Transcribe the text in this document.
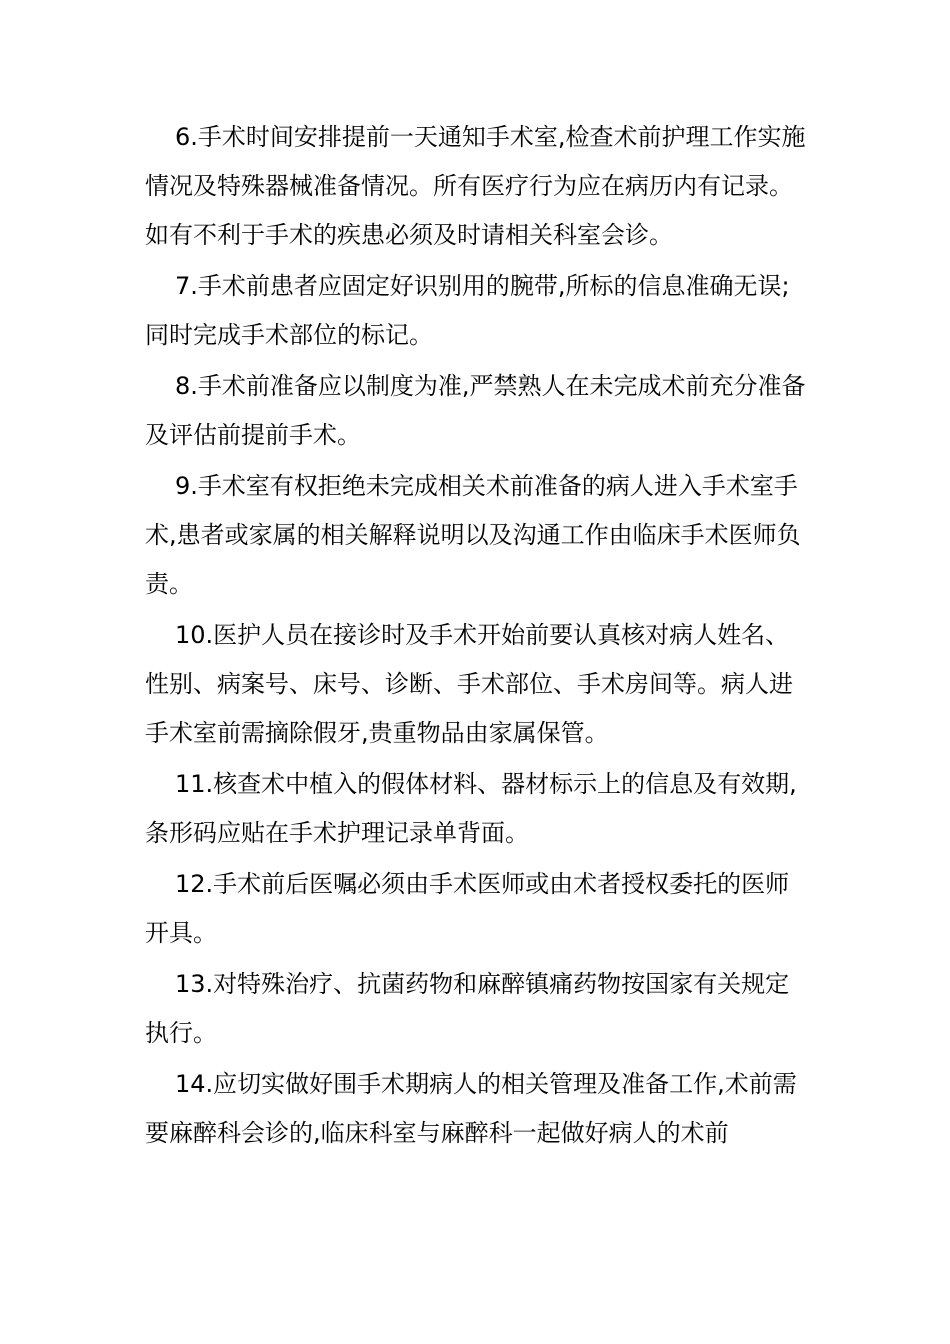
6.手术时间安排提前一天通知手术室,检查术前护理工作实施情况及特殊器械准备情况。所有医疗行为应在病历内有记录。如有不利于手术的疾患必须及时请相关科室会诊。

7.手术前患者应固定好识别用的腕带,所标的信息准确无误;同时完成手术部位的标记。

8.手术前准备应以制度为准,严禁熟人在未完成术前充分准备及评估前提前手术。

9.手术室有权拒绝未完成相关术前准备的病人进入手术室手术,患者或家属的相关解释说明以及沟通工作由临床手术医师负责。

10.医护人员在接诊时及手术开始前要认真核对病人姓名、性别、病案号、床号、诊断、手术部位、手术房间等。病人进手术室前需摘除假牙,贵重物品由家属保管。

11.核查术中植入的假体材料、器材标示上的信息及有效期,条形码应贴在手术护理记录单背面。

12.手术前后医嘱必须由手术医师或由术者授权委托的医师开具。

13.对特殊治疗、抗菌药物和麻醉镇痛药物按国家有关规定执行。

14.应切实做好围手术期病人的相关管理及准备工作,术前需要麻醉科会诊的,临床科室与麻醉科一起做好病人的术前
